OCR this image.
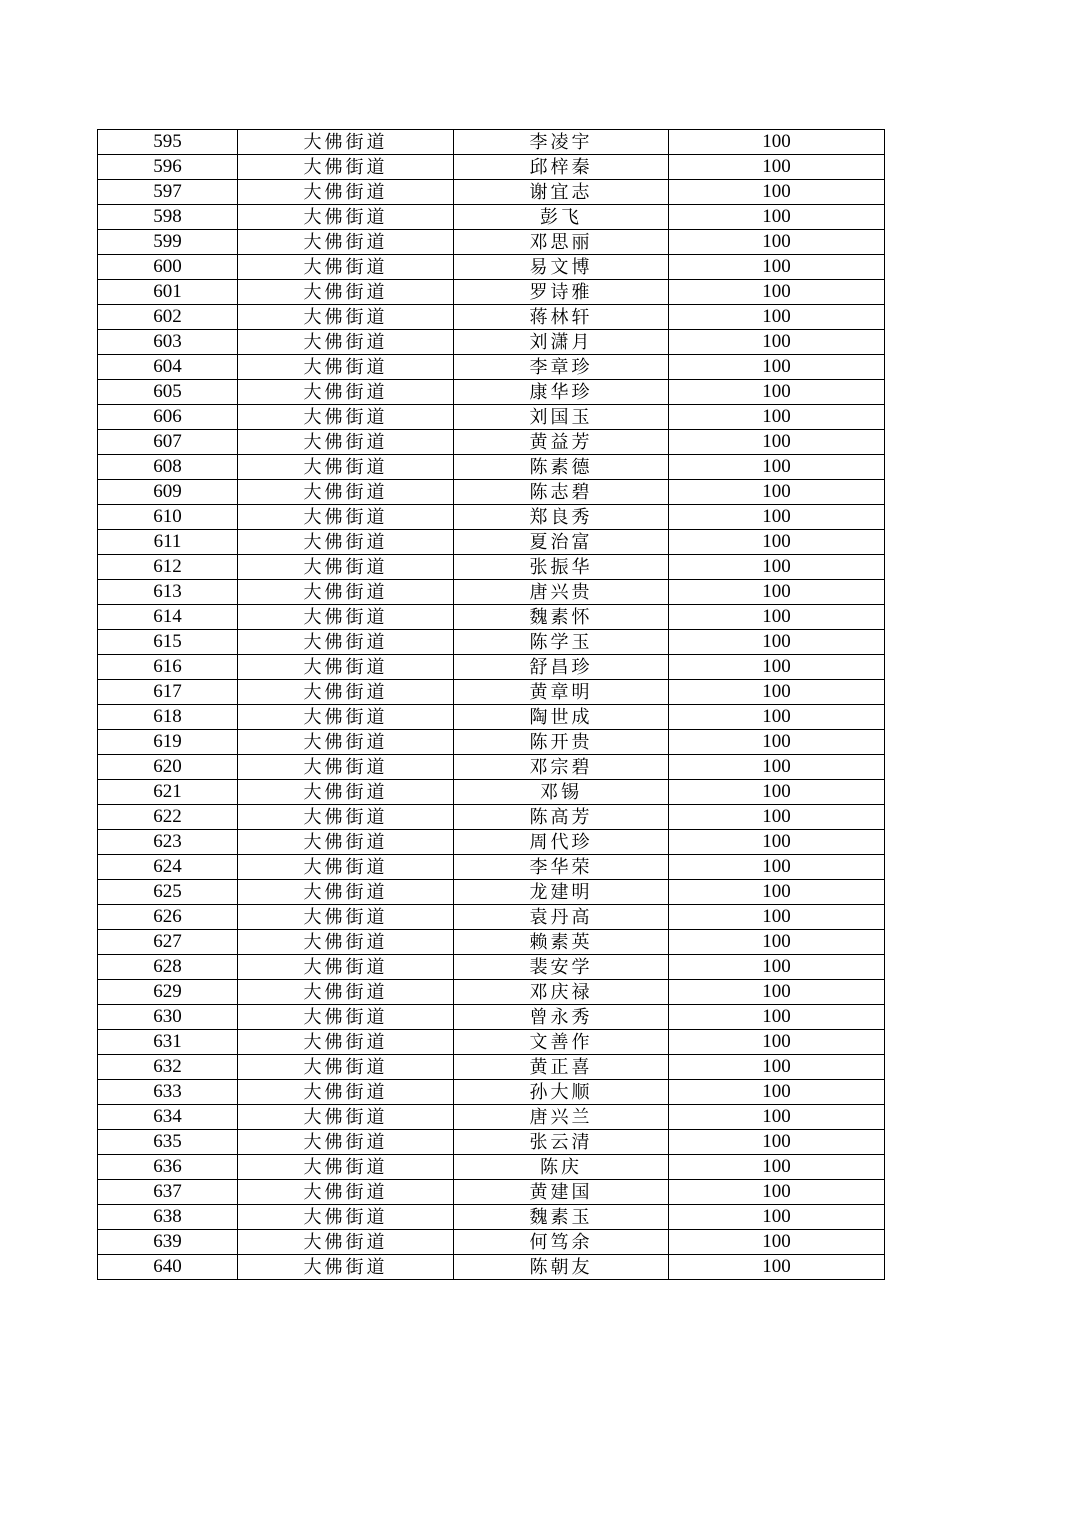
595	大佛街道	李凌宇	100
596	大佛街道	邱梓秦	100
597	大佛街道	谢宜志	100
598	大佛街道	彭飞	100
599	大佛街道	邓思丽	100
600	大佛街道	易文博	100
601	大佛街道	罗诗雅	100
602	大佛街道	蒋林轩	100
603	大佛街道	刘潇月	100
604	大佛街道	李章珍	100
605	大佛街道	康华珍	100
606	大佛街道	刘国玉	100
607	大佛街道	黄益芳	100
608	大佛街道	陈素德	100
609	大佛街道	陈志碧	100
610	大佛街道	郑良秀	100
611	大佛街道	夏治富	100
612	大佛街道	张振华	100
613	大佛街道	唐兴贵	100
614	大佛街道	魏素怀	100
615	大佛街道	陈学玉	100
616	大佛街道	舒昌珍	100
617	大佛街道	黄章明	100
618	大佛街道	陶世成	100
619	大佛街道	陈开贵	100
620	大佛街道	邓宗碧	100
621	大佛街道	邓锡	100
622	大佛街道	陈高芳	100
623	大佛街道	周代珍	100
624	大佛街道	李华荣	100
625	大佛街道	龙建明	100
626	大佛街道	袁丹高	100
627	大佛街道	赖素英	100
628	大佛街道	裴安学	100
629	大佛街道	邓庆禄	100
630	大佛街道	曾永秀	100
631	大佛街道	文善作	100
632	大佛街道	黄正喜	100
633	大佛街道	孙大顺	100
634	大佛街道	唐兴兰	100
635	大佛街道	张云清	100
636	大佛街道	陈庆	100
637	大佛街道	黄建国	100
638	大佛街道	魏素玉	100
639	大佛街道	何笃余	100
640	大佛街道	陈朝友	100
